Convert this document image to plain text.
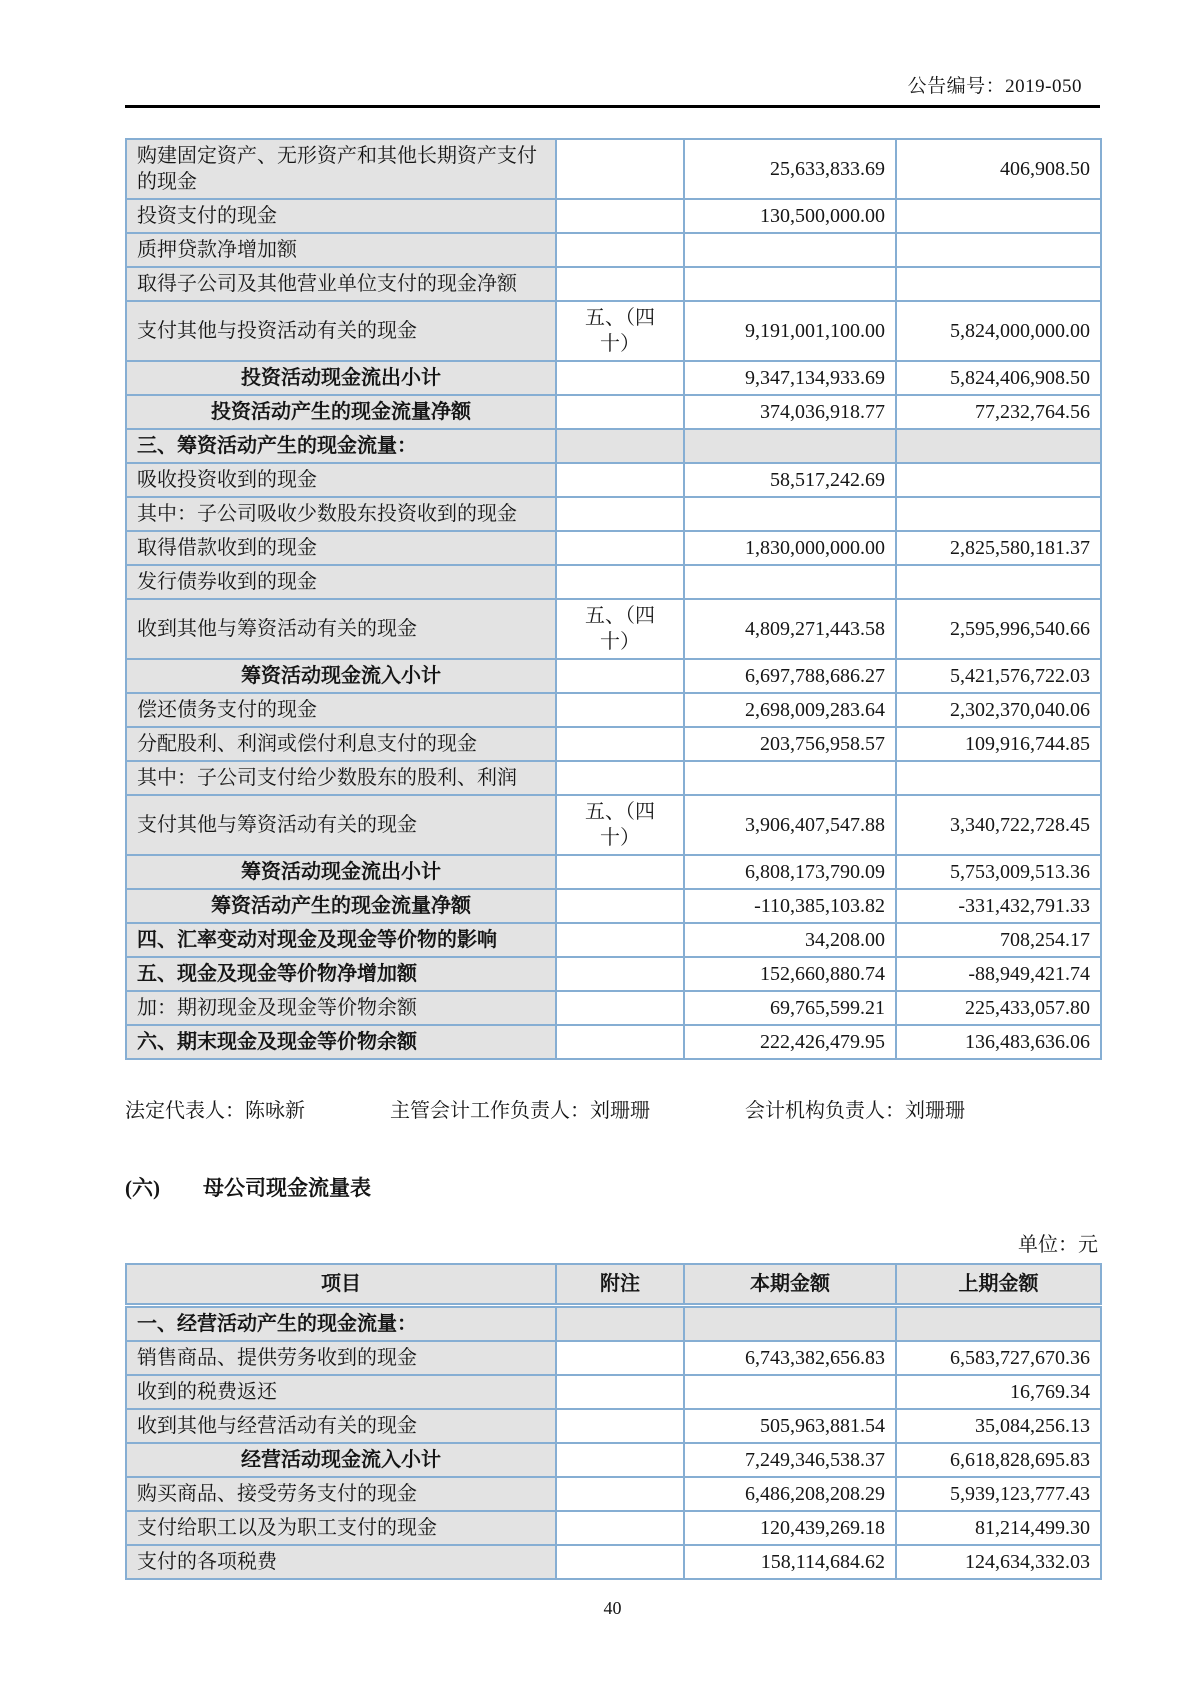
公告编号：2019-050
购建固定资产、无形资产和其他长期资产支付的现金		25,633,833.69	406,908.50
投资支付的现金		130,500,000.00	
质押贷款净增加额			
取得子公司及其他营业单位支付的现金净额			
支付其他与投资活动有关的现金	五、（四十）	9,191,001,100.00	5,824,000,000.00
投资活动现金流出小计		9,347,134,933.69	5,824,406,908.50
投资活动产生的现金流量净额		374,036,918.77	77,232,764.56
三、筹资活动产生的现金流量：			
吸收投资收到的现金		58,517,242.69	
其中：子公司吸收少数股东投资收到的现金			
取得借款收到的现金		1,830,000,000.00	2,825,580,181.37
发行债券收到的现金			
收到其他与筹资活动有关的现金	五、（四十）	4,809,271,443.58	2,595,996,540.66
筹资活动现金流入小计		6,697,788,686.27	5,421,576,722.03
偿还债务支付的现金		2,698,009,283.64	2,302,370,040.06
分配股利、利润或偿付利息支付的现金		203,756,958.57	109,916,744.85
其中：子公司支付给少数股东的股利、利润			
支付其他与筹资活动有关的现金	五、（四十）	3,906,407,547.88	3,340,722,728.45
筹资活动现金流出小计		6,808,173,790.09	5,753,009,513.36
筹资活动产生的现金流量净额		-110,385,103.82	-331,432,791.33
四、汇率变动对现金及现金等价物的影响		34,208.00	708,254.17
五、现金及现金等价物净增加额		152,660,880.74	-88,949,421.74
加：期初现金及现金等价物余额		69,765,599.21	225,433,057.80
六、期末现金及现金等价物余额		222,426,479.95	136,483,636.06
法定代表人：陈咏新	主管会计工作负责人：刘珊珊	会计机构负责人：刘珊珊
(六) 母公司现金流量表
单位：元
项目	附注	本期金额	上期金额
一、经营活动产生的现金流量：			
销售商品、提供劳务收到的现金		6,743,382,656.83	6,583,727,670.36
收到的税费返还			16,769.34
收到其他与经营活动有关的现金		505,963,881.54	35,084,256.13
经营活动现金流入小计		7,249,346,538.37	6,618,828,695.83
购买商品、接受劳务支付的现金		6,486,208,208.29	5,939,123,777.43
支付给职工以及为职工支付的现金		120,439,269.18	81,214,499.30
支付的各项税费		158,114,684.62	124,634,332.03
40
